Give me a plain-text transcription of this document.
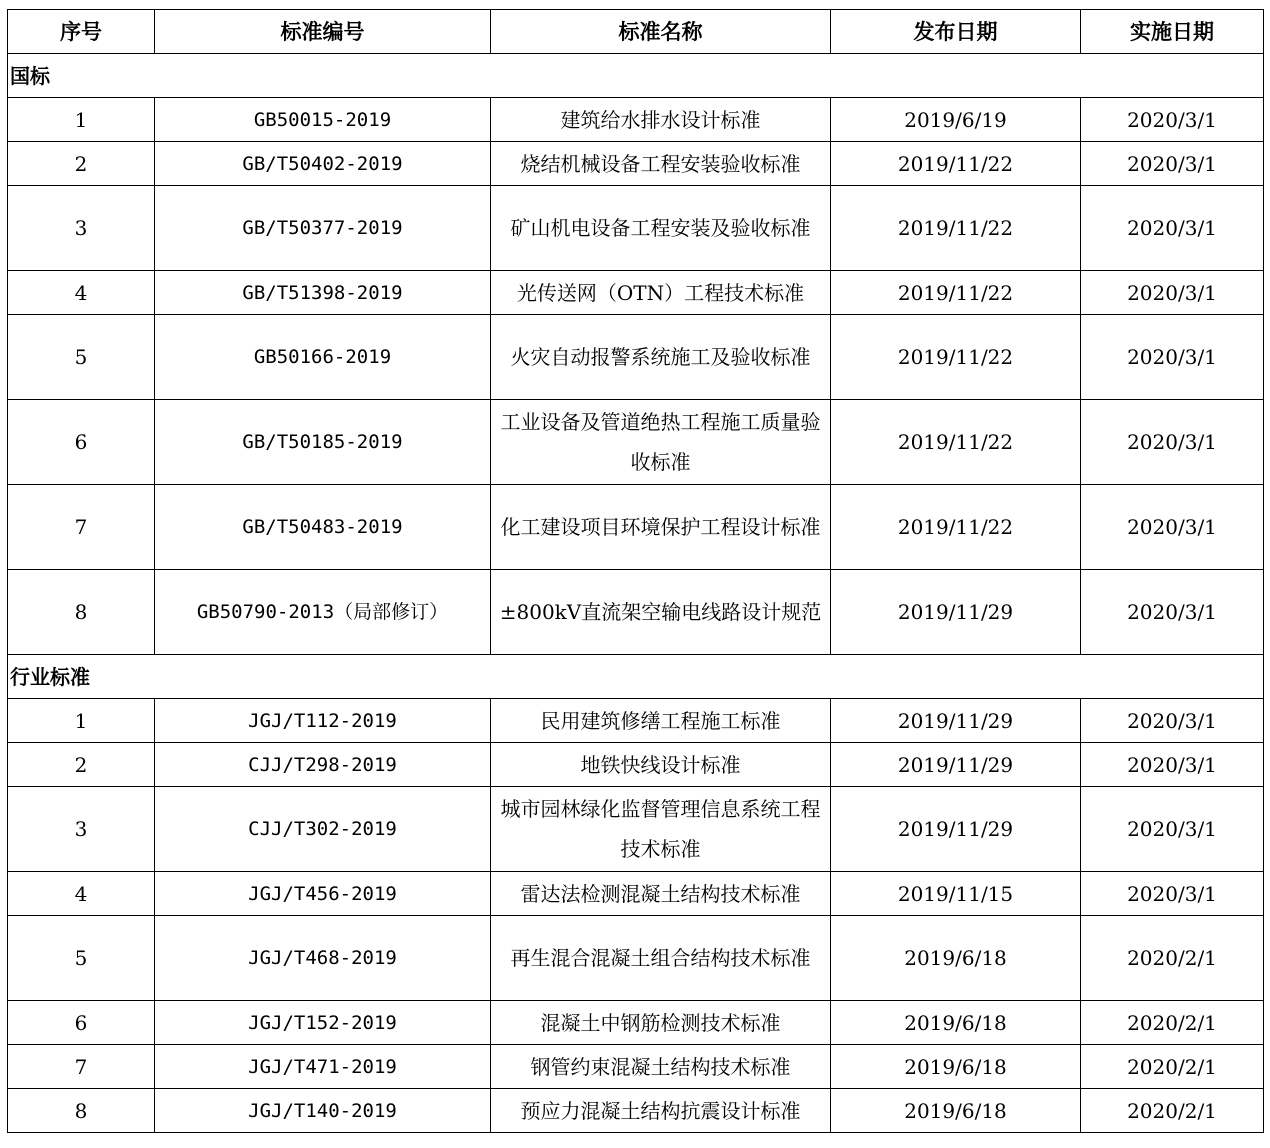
序号	标准编号	标准名称	发布日期	实施日期
国标				
1	GB50015-2019	建筑给水排水设计标准	2019/6/19	2020/3/1
2	GB/T50402-2019	烧结机械设备工程安装验收标准	2019/11/22	2020/3/1
3	GB/T50377-2019	矿山机电设备工程安装及验收标准	2019/11/22	2020/3/1
4	GB/T51398-2019	光传送网（OTN）工程技术标准	2019/11/22	2020/3/1
5	GB50166-2019	火灾自动报警系统施工及验收标准	2019/11/22	2020/3/1
6	GB/T50185-2019	工业设备及管道绝热工程施工质量验收标准	2019/11/22	2020/3/1
7	GB/T50483-2019	化工建设项目环境保护工程设计标准	2019/11/22	2020/3/1
8	GB50790-2013（局部修订）	±800kV直流架空输电线路设计规范	2019/11/29	2020/3/1
行业标准				
1	JGJ/T112-2019	民用建筑修缮工程施工标准	2019/11/29	2020/3/1
2	CJJ/T298-2019	地铁快线设计标准	2019/11/29	2020/3/1
3	CJJ/T302-2019	城市园林绿化监督管理信息系统工程技术标准	2019/11/29	2020/3/1
4	JGJ/T456-2019	雷达法检测混凝土结构技术标准	2019/11/15	2020/3/1
5	JGJ/T468-2019	再生混合混凝土组合结构技术标准	2019/6/18	2020/2/1
6	JGJ/T152-2019	混凝土中钢筋检测技术标准	2019/6/18	2020/2/1
7	JGJ/T471-2019	钢管约束混凝土结构技术标准	2019/6/18	2020/2/1
8	JGJ/T140-2019	预应力混凝土结构抗震设计标准	2019/6/18	2020/2/1
